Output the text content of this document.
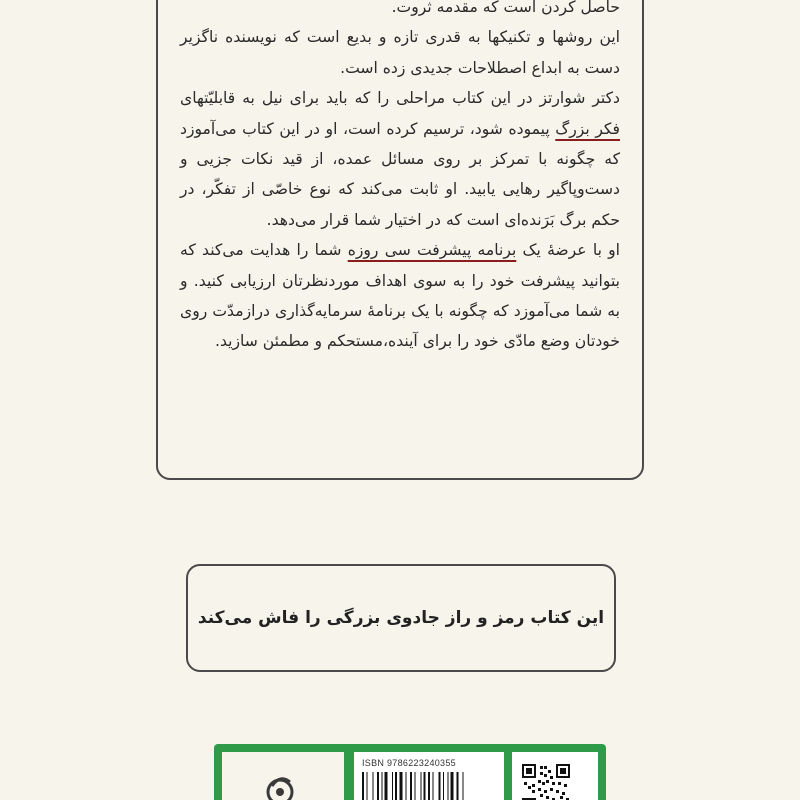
حاصل کردن است که مقدمه ثروت.

این روشها و تکنیکها به قدری تازه و بدیع است که نویسنده ناگزیر دست به ابداع اصطلاحات جدیدی زده است.

دکتر شوارتز در این کتاب مراحلی را که باید برای نیل به قابلیّتهای فکر بزرگ پیموده شود، ترسیم کرده است، او در این کتاب می‌آموزد که چگونه با تمرکز بر روی مسائل عمده، از قید نکات جزیی و دست‌وپاگیر رهایی یابید. او ثابت می‌کند که نوع خاصّی از تفکّر، در حکم برگ بَرَنده‌ای است که در اختیار شما قرار می‌دهد.

او با عرضهٔ یک برنامه پیشرفت سی روزه شما را هدایت می‌کند که بتوانید پیشرفت خود را به سوی اهداف موردنظرتان ارزیابی کنید. و به شما می‌آموزد که چگونه با یک برنامهٔ سرمایه‌گذاری درازمدّت روی خودتان وضع مادّی خود را برای آینده،مستحکم و مطمئن سازید.

این کتاب رمز و راز جادوی بزرگی را فاش می‌کند
ISBN 9786223240355
